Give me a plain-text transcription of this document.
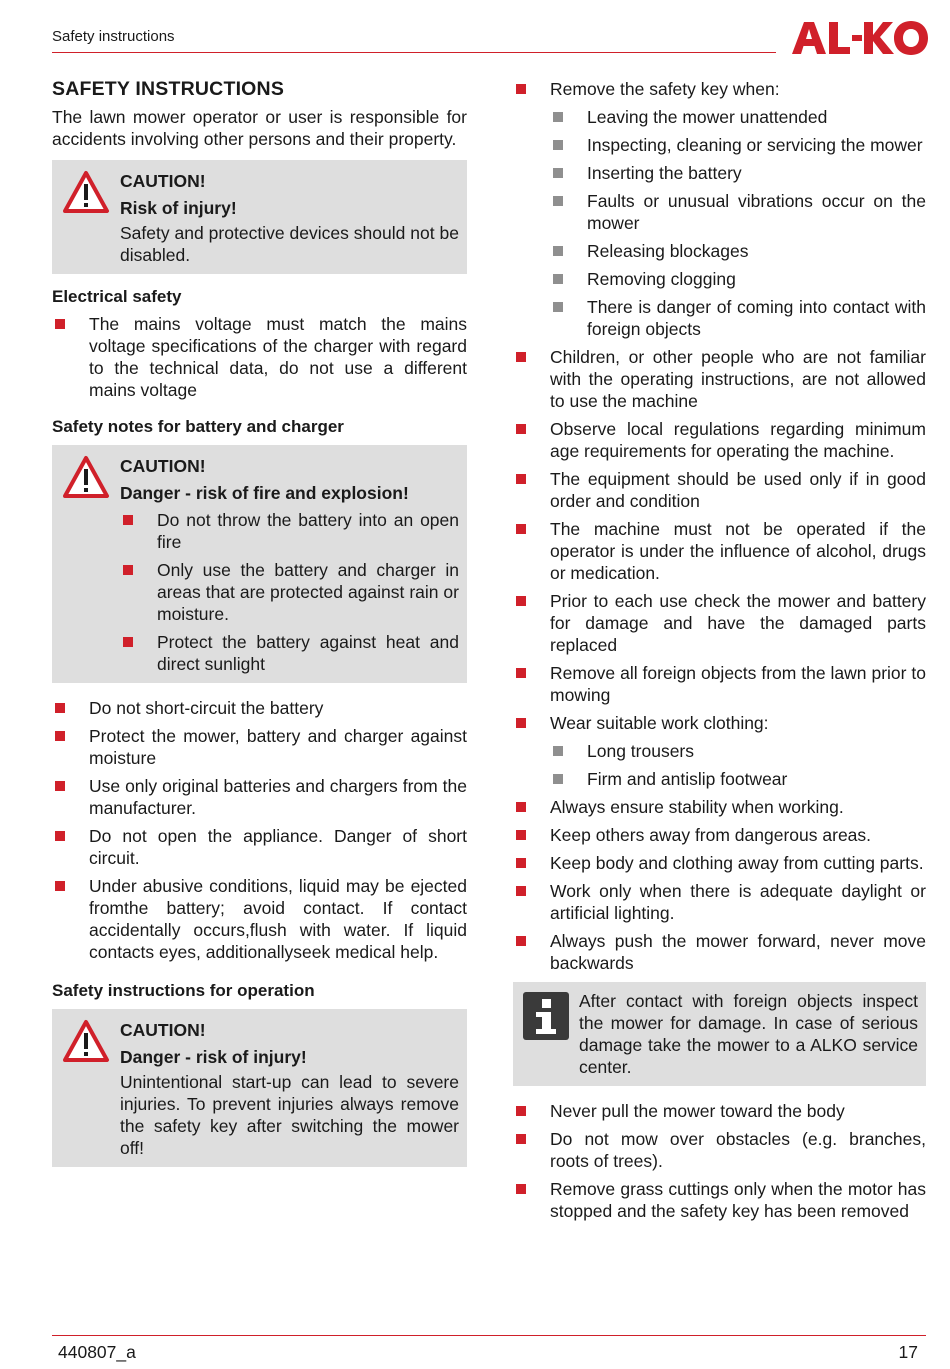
Safety instructions
SAFETY INSTRUCTIONS

The lawn mower operator or user is responsible for accidents involving other persons and their property.

CAUTION!
Risk of injury!
Safety and protective devices should not be disabled.
Electrical safety
The mains voltage must match the mains voltage specifications of the charger with regard to the technical data, do not use a different mains voltage
Safety notes for battery and charger
CAUTION!
Danger - risk of fire and explosion!
Do not throw the battery into an open fire
Only use the battery and charger in areas that are protected against rain or moisture.
Protect the battery against heat and direct sunlight
Do not short-circuit the battery
Protect the mower, battery and charger against moisture
Use only original batteries and chargers from the manufacturer.
Do not open the appliance. Danger of short circuit.
Under abusive conditions, liquid may be ejected fromthe battery; avoid contact. If contact accidentally occurs,flush with water. If liquid contacts eyes, additionallyseek medical help.
Safety instructions for operation
CAUTION!
Danger - risk of injury!
Unintentional start-up can lead to severe injuries. To prevent injuries always remove the safety key after switching the mower off!
Remove the safety key when:
Leaving the mower unattended
Inspecting, cleaning or servicing the mower
Inserting the battery
Faults or unusual vibrations occur on the mower
Releasing blockages
Removing clogging
There is danger of coming into contact with foreign objects
Children, or other people who are not familiar with the operating instructions, are not allowed to use the machine
Observe local regulations regarding minimum age requirements for operating the machine.
The equipment should be used only if in good order and condition
The machine must not be operated if the operator is under the influence of alcohol, drugs or medication.
Prior to each use check the mower and battery for damage and have the damaged parts replaced
Remove all foreign objects from the lawn prior to mowing
Wear suitable work clothing:
Long trousers
Firm and antislip footwear
Always ensure stability when working.
Keep others away from dangerous areas.
Keep body and clothing away from cutting parts.
Work only when there is adequate daylight or artificial lighting.
Always push the mower forward, never move backwards
After contact with foreign objects inspect the mower for damage. In case of serious damage take the mower to a ALKO service center.
Never pull the mower toward the body
Do not mow over obstacles (e.g. branches, roots of trees).
Remove grass cuttings only when the motor has stopped and the safety key has been removed
440807_a	17
